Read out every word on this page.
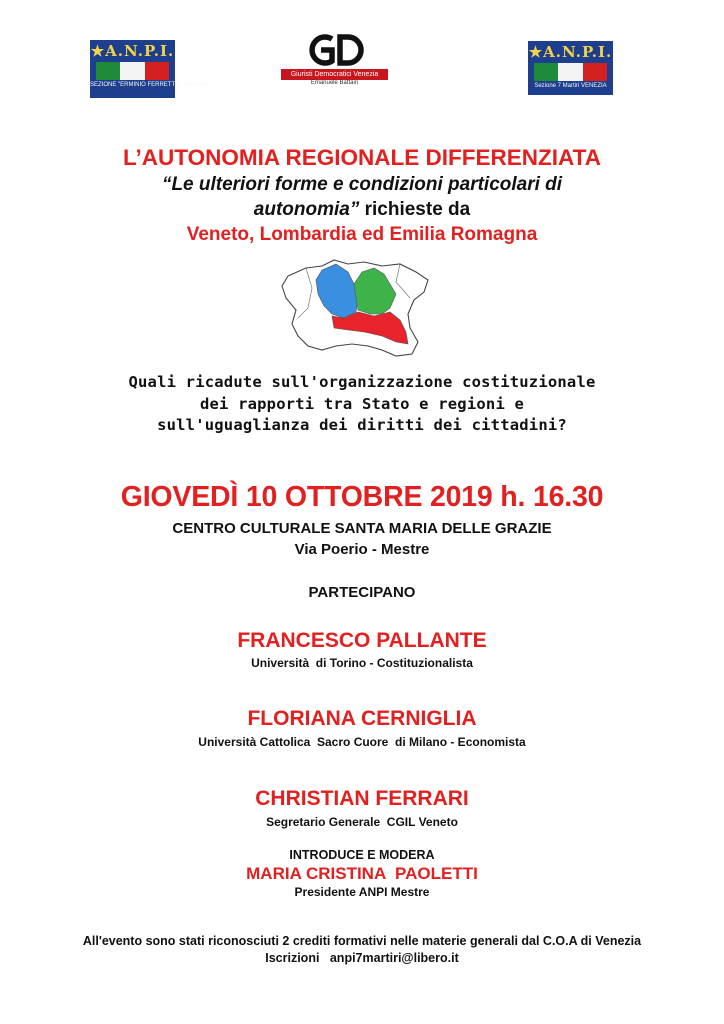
★A.N.P.I.
SEZIONE "ERMINIO FERRETTO" MESTRE
Giuristi Democratici Venezia
Emanuele Battain
★A.N.P.I.
Sezione 7 Martiri VENEZIA
L’AUTONOMIA REGIONALE DIFFERENZIATA
“Le ulteriori forme e condizioni particolari di
autonomia” richieste da
Veneto, Lombardia ed Emilia Romagna
Quali ricadute sull'organizzazione costituzionale
dei rapporti tra Stato e regioni e
sull'uguaglianza dei diritti dei cittadini?
GIOVEDÌ 10 OTTOBRE 2019 h. 16.30
CENTRO CULTURALE SANTA MARIA DELLE GRAZIE
Via Poerio - Mestre
PARTECIPANO
FRANCESCO PALLANTE
Università  di Torino - Costituzionalista
FLORIANA CERNIGLIA
Università Cattolica  Sacro Cuore  di Milano - Economista
CHRISTIAN FERRARI
Segretario Generale  CGIL Veneto
INTRODUCE E MODERA
MARIA CRISTINA  PAOLETTI
Presidente ANPI Mestre
All'evento sono stati riconosciuti 2 crediti formativi nelle materie generali dal C.O.A di Venezia
Iscrizioni anpi7martiri@libero.it
